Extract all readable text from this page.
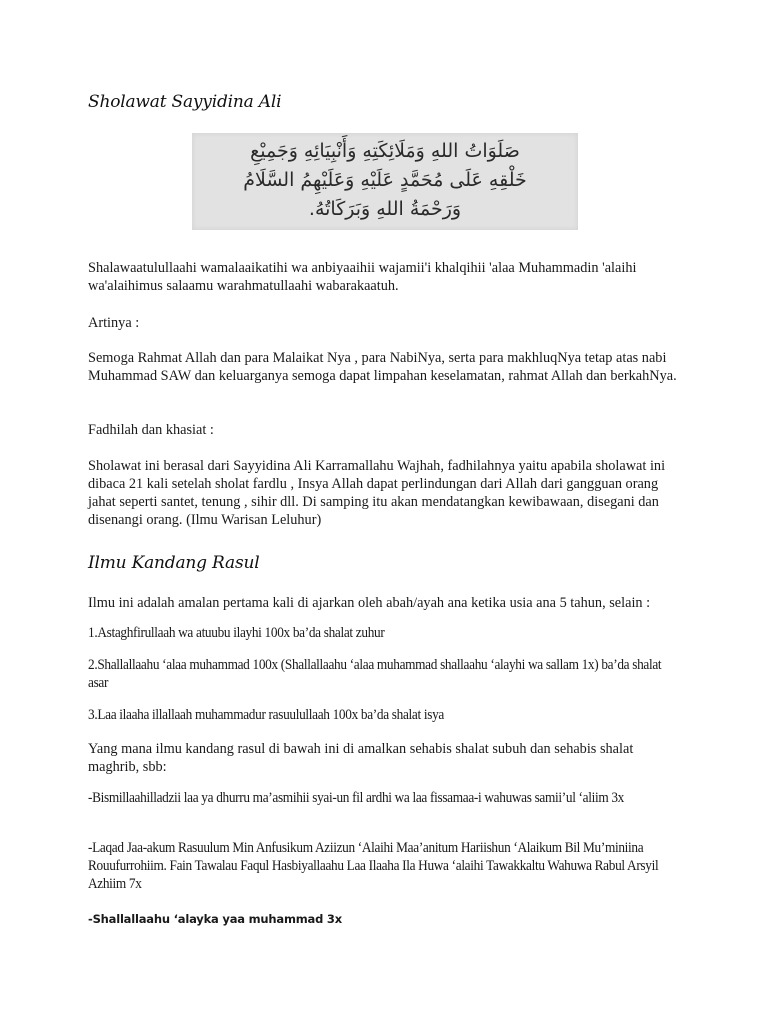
Sholawat Sayyidina Ali
صَلَوَاتُ اللهِ وَمَلَائِكَتِهِ وَأَنْبِيَائِهِ وَجَمِيْعِ
خَلْقِهِ عَلَى مُحَمَّدٍ عَلَيْهِ وَعَلَيْهِمُ السَّلَامُ
وَرَحْمَةُ اللهِ وَبَرَكَاتُهُ.

Shalawaatulullaahi wamalaaikatihi wa anbiyaaihii wajamii'i khalqihii 'alaa Muhammadin 'alaihi wa'alaihimus salaamu warahmatullaahi wabarakaatuh.

Artinya :

Semoga Rahmat Allah dan para Malaikat Nya , para NabiNya, serta para makhluqNya tetap atas nabi Muhammad SAW dan keluarganya semoga dapat limpahan keselamatan, rahmat Allah dan berkahNya.

Fadhilah dan khasiat :

Sholawat ini berasal dari Sayyidina Ali Karramallahu Wajhah, fadhilahnya yaitu apabila sholawat ini dibaca 21 kali setelah sholat fardlu , Insya Allah dapat perlindungan dari Allah dari gangguan orang jahat seperti santet, tenung , sihir dll. Di samping itu akan mendatangkan kewibawaan, disegani dan disenangi orang. (Ilmu Warisan Leluhur)

Ilmu Kandang Rasul

Ilmu ini adalah amalan pertama kali di ajarkan oleh abah/ayah ana ketika usia ana 5 tahun, selain :

1.Astaghfirullaah wa atuubu ilayhi 100x ba’da shalat zuhur

2.Shallallaahu ‘alaa muhammad 100x (Shallallaahu ‘alaa muhammad shallaahu ‘alayhi wa sallam 1x) ba’da shalat asar

3.Laa ilaaha illallaah muhammadur rasuulullaah 100x ba’da shalat isya

Yang mana ilmu kandang rasul di bawah ini di amalkan sehabis shalat subuh dan sehabis shalat maghrib, sbb:

-Bismillaahilladzii laa ya dhurru ma’asmihii syai-un fil ardhi wa laa fissamaa-i wahuwas samii’ul ‘aliim 3x

-Laqad Jaa-akum Rasuulum Min Anfusikum Aziizun ‘Alaihi Maa’anitum Hariishun ‘Alaikum Bil Mu’miniina Rouufurrohiim. Fain Tawalau Faqul Hasbiyallaahu Laa Ilaaha Ila Huwa ‘alaihi Tawakkaltu Wahuwa Rabul Arsyil Azhiim 7x

-Shallallaahu ‘alayka yaa muhammad 3x
